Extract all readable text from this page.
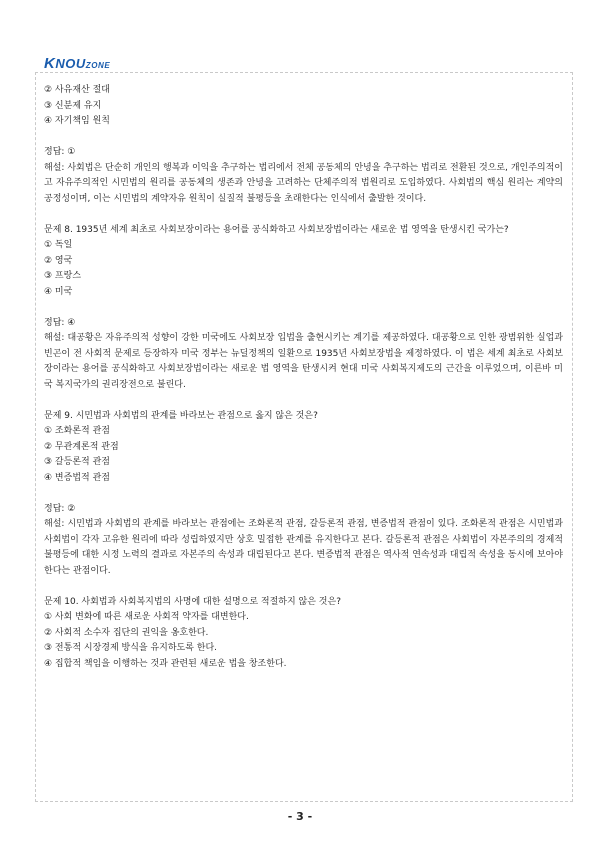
KNOUZONE
② 사유재산 절대
③ 신분제 유지
④ 자기책임 원칙
정답: ①
해설: 사회법은 단순히 개인의 행복과 이익을 추구하는 법리에서 전체 공동체의 안녕을 추구하는 법리로 전환된 것으로, 개인주의적이고 자유주의적인 시민법의 원리를 공동체의 생존과 안녕을 고려하는 단체주의적 법원리로 도입하였다. 사회법의 핵심 원리는 계약의 공정성이며, 이는 시민법의 계약자유 원칙이 실질적 불평등을 초래한다는 인식에서 출발한 것이다.
문제 8. 1935년 세계 최초로 사회보장이라는 용어를 공식화하고 사회보장법이라는 새로운 법 영역을 탄생시킨 국가는?
① 독일
② 영국
③ 프랑스
④ 미국
정답: ④
해설: 대공황은 자유주의적 성향이 강한 미국에도 사회보장 입법을 출현시키는 계기를 제공하였다. 대공황으로 인한 광범위한 실업과 빈곤이 전 사회적 문제로 등장하자 미국 정부는 뉴딜정책의 일환으로 1935년 사회보장법을 제정하였다. 이 법은 세계 최초로 사회보장이라는 용어를 공식화하고 사회보장법이라는 새로운 법 영역을 탄생시켜 현대 미국 사회복지제도의 근간을 이루었으며, 이른바 미국 복지국가의 권리장전으로 불린다.
문제 9. 시민법과 사회법의 관계를 바라보는 관점으로 옳지 않은 것은?
① 조화론적 관점
② 무관계론적 관점
③ 갈등론적 관점
④ 변증법적 관점
정답: ②
해설: 시민법과 사회법의 관계를 바라보는 관점에는 조화론적 관점, 갈등론적 관점, 변증법적 관점이 있다. 조화론적 관점은 시민법과 사회법이 각자 고유한 원리에 따라 성립하였지만 상호 밀접한 관계를 유지한다고 본다. 갈등론적 관점은 사회법이 자본주의의 경제적 불평등에 대한 시정 노력의 결과로 자본주의 속성과 대립된다고 본다. 변증법적 관점은 역사적 연속성과 대립적 속성을 동시에 보아야 한다는 관점이다.
문제 10. 사회법과 사회복지법의 사명에 대한 설명으로 적절하지 않은 것은?
① 사회 변화에 따른 새로운 사회적 약자를 대변한다.
② 사회적 소수자 집단의 권익을 옹호한다.
③ 전통적 시장경제 방식을 유지하도록 한다.
④ 집합적 책임을 이행하는 것과 관련된 새로운 법을 창조한다.
- 3 -
